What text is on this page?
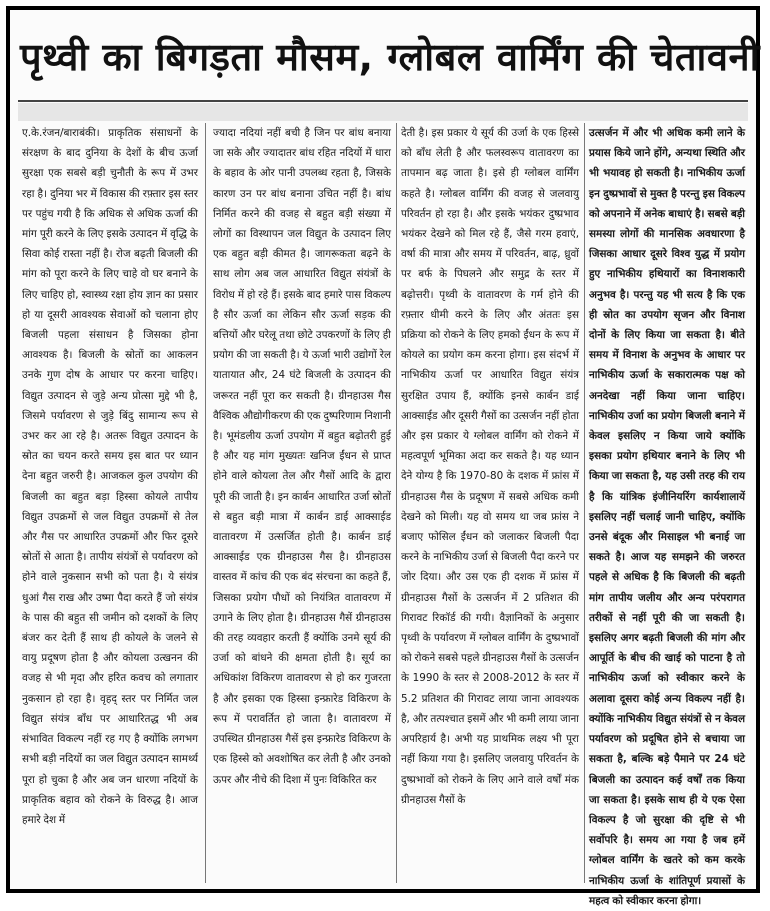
पृथ्वी का बिगड़ता मौसम, ग्लोबल वार्मिंग की चेतावनी

ए.के.रंजन/बाराबंकी। प्राकृतिक संसाधनों के संरक्षण के बाद दुनिया के देशों के बीच ऊर्जा सुरक्षा एक सबसे बड़ी चुनौती के रूप में उभर रहा है। दुनिया भर में विकास की रफ़्तार इस स्तर पर पहुंच गयी है कि अधिक से अधिक ऊर्जा की मांग पूरी करने के लिए इसके उत्पादन में वृद्धि के सिवा कोई रास्ता नहीं है। रोज बढ़ती बिजली की मांग को पूरा करने के लिए चाहे वो घर बनाने के लिए चाहिए हो, स्वास्थ्य रक्षा होय ज्ञान का प्रसार हो या दूसरी आवश्यक सेवाओं को चलाना होए बिजली पहला संसाधन है जिसका होना आवश्यक है। बिजली के स्रोतों का आकलन उनके गुण दोष के आधार पर करना चाहिए। विद्युत उत्पादन से जुड़े अन्य प्रोत्सा मुद्दे भी है, जिसमे पर्यावरण से जुड़े बिंदु सामान्य रूप से उभर कर आ रहे है। अतरू विद्युत उत्पादन के स्रोत का चयन करते समय इस बात पर ध्यान देना बहुत जरुरी है। आजकल कुल उपयोग की बिजली का बहुत बड़ा हिस्सा कोयले तापीय विद्युत उपक्रमों से जल विद्युत उपक्रमों से तेल और गैस पर आधारित उपक्रमों और फिर दूसरे स्रोतों से आता है। तापीय संयंत्रों से पर्यावरण को होने वाले नुकसान सभी को पता है। ये संयंत्र धुआं गैस राख और उष्मा पैदा करते हैं जो संयंत्र के पास की बहुत सी जमीन को दशकों के लिए बंजर कर देती हैं साथ ही कोयले के जलने से वायु प्रदूषण होता है और कोयला उत्खनन की वजह से भी मृदा और हरित कवच को लगातार नुकसान हो रहा है। वृहद् स्तर पर निर्मित जल विद्युत संयंत्र बाँध पर आधारितद्ध भी अब संभावित विकल्प नहीं रह गए है क्योंकि लगभग सभी बड़ी नदियों का जल विद्युत उत्पादन सामर्थ्य पूरा हो चुका है और अब जन धारणा नदियों के प्राकृतिक बहाव को रोकने के विरुद्ध है। आज हमारे देश में

ज्यादा नदियां नहीं बची है जिन पर बांध बनाया जा सके और ज्यादातर बांध रहित नदियों में धारा के बहाव के ओर पानी उपलब्ध रहता है, जिसके कारण उन पर बांध बनाना उचित नहीं है। बांध निर्मित करने की वजह से बहुत बड़ी संख्या में लोगों का विस्थापन जल विद्युत के उत्पादन लिए एक बहुत बड़ी कीमत है। जागरूकता बढ़ने के साथ लोग अब जल आधारित विद्युत संयंत्रों के विरोध में हो रहे हैं। इसके बाद हमारे पास विकल्प है सौर ऊर्जा का लेकिन सौर ऊर्जा सड़क की बत्तियों और घरेलू तथा छोटे उपकरणों के लिए ही प्रयोग की जा सकती है। ये ऊर्जा भारी उद्योगों रेल यातायात और, 24 घंटे बिजली के उत्पादन की जरूरत नहीं पूरा कर सकती है। ग्रीनहाउस गैस वैश्विक औद्योगीकरण की एक दुष्परिणाम निशानी है। भूमंडलीय ऊर्जा उपयोग में बहुत बढ़ोतरी हुई है और यह मांग मुख्यतः खनिज ईंधन से प्राप्त होने वाले कोयला तेल और गैसों आदि के द्वारा पूरी की जाती है। इन कार्बन आधारित उर्जा स्रोतों से बहुत बड़ी मात्रा में कार्बन डाई आक्साईड वातावरण में उत्सर्जित होती है। कार्बन डाई आक्साईड एक ग्रीनहाउस गैस है। ग्रीनहाउस वास्तव में कांच की एक बंद संरचना का कहते हैं, जिसका प्रयोग पौधों को नियंत्रित वातावरण में उगाने के लिए होता है। ग्रीनहाउस गैसें ग्रीनहाउस की तरह व्यवहार करती हैं क्योंकि उनमे सूर्य की उर्जा को बांधने की क्षमता होती है। सूर्य का अधिकांश विकिरण वातावरण से हो कर गुजरता है और इसका एक हिस्सा इन्फ्रारेड विकिरण के रूप में परावर्तित हो जाता है। वातावरण में उपस्थित ग्रीनहाउस गैसें इस इन्फ्रारेड विकिरण के एक हिस्से को अवशोषित कर लेती है और उनको ऊपर और नीचे की दिशा में पुनः विकिरित कर

देती है। इस प्रकार ये सूर्य की उर्जा के एक हिस्से को बाँध लेती है और फलस्वरूप वातावरण का तापमान बढ़ जाता है। इसे ही ग्लोबल वार्मिंग कहते है। ग्लोबल वार्मिंग की वजह से जलवायु परिवर्तन हो रहा है। और इसके भयंकर दुष्प्रभाव भयंकर देखने को मिल रहे हैं, जैसे गरम हवाएं, वर्षा की मात्रा और समय में परिवर्तन, बाढ़, ध्रुवों पर बर्फ के पिघलने और समुद्र के स्तर में बढ़ोत्तरी। पृथ्वी के वातावरण के गर्म होने की रफ़्तार धीमी करने के लिए और अंततः इस प्रक्रिया को रोकने के लिए हमको ईंधन के रूप में कोयले का प्रयोग कम करना होगा। इस संदर्भ में नाभिकीय ऊर्जा पर आधारित विद्युत संयंत्र सुरक्षित उपाय हैं, क्योंकि इनसे कार्बन डाई आक्साईड और दूसरी गैसों का उत्सर्जन नहीं होता और इस प्रकार ये ग्लोबल वार्मिंग को रोकने में महत्वपूर्ण भूमिका अदा कर सकते है। यह ध्यान देने योग्य है कि 1970-80 के दशक में फ्रांस में ग्रीनहाउस गैस के प्रदूषण में सबसे अधिक कमी देखने को मिली। यह वो समय था जब फ्रांस ने बजाए फोसिल ईंधन को जलाकर बिजली पैदा करने के नाभिकीय उर्जा से बिजली पैदा करने पर जोर दिया। और उस एक ही दशक में फ्रांस में ग्रीनहाउस गैसों के उत्सर्जन में 2 प्रतिशत की गिरावट रिकॉर्ड की गयी। वैज्ञानिकों के अनुसार पृथ्वी के पर्यावरण में ग्लोबल वार्मिंग के दुष्प्रभावों को रोकने सबसे पहले ग्रीनहाउस गैसों के उत्सर्जन के 1990 के स्तर से 2008-2012 के स्तर में 5.2 प्रतिशत की गिरावट लाया जाना आवश्यक है, और तत्पश्चात इसमें और भी कमी लाया जाना अपरिहार्य है। अभी यह प्राथमिक लक्ष्य भी पूरा नहीं किया गया है। इसलिए जलवायु परिवर्तन के दुष्प्रभावों को रोकने के लिए आने वाले वर्षों मंक ग्रीनहाउस गैसों के

उत्सर्जन में और भी अधिक कमी लाने के प्रयास किये जाने होंगे, अन्यथा स्थिति और भी भयावह हो सकती है। नाभिकीय ऊर्जा इन दुष्प्रभावों से मुक्त है परन्तु इस विकल्प को अपनाने में अनेक बाधाएं है। सबसे बड़ी समस्या लोगों की मानसिक अवधारणा है जिसका आधार दूसरे विश्व युद्ध में प्रयोग हुए नाभिकीय हथियारों का विनाशकारी अनुभव है। परन्तु यह भी सत्य है कि एक ही स्रोत का उपयोग सृजन और विनाश दोनों के लिए किया जा सकता है। बीते समय में विनाश के अनुभव के आधार पर नाभिकीय ऊर्जा के सकारात्मक पक्ष को अनदेखा नहीं किया जाना चाहिए। नाभिकीय उर्जा का प्रयोग बिजली बनाने में केवल इसलिए न किया जाये क्योंकि इसका प्रयोग हथियार बनाने के लिए भी किया जा सकता है, यह उसी तरह की राय है कि यांत्रिक इंजीनियरिंग कार्यशालायें इसलिए नहीं चलाई जानी चाहिए, क्योंकि उनसे बंदूक और मिसाइल भी बनाई जा सकते है। आज यह समझने की जरुरत पहले से अधिक है कि बिजली की बढ़ती मांग तापीय जलीय और अन्य परंपरागत तरीकों से नहीं पूरी की जा सकती है। इसलिए अगर बढ़ती बिजली की मांग और आपूर्ति के बीच की खाई को पाटना है तो नाभिकीय ऊर्जा को स्वीकार करने के अलावा दूसरा कोई अन्य विकल्प नहीं है। क्योंकि नाभिकीय विद्युत संयंत्रों से न केवल पर्यावरण को प्रदूषित होने से बचाया जा सकता है, बल्कि बड़े पैमाने पर 24 घंटे बिजली का उत्पादन कई वर्षों तक किया जा सकता है। इसके साथ ही ये एक ऐसा विकल्प है जो सुरक्षा की दृष्टि से भी सर्वोपरि है। समय आ गया है जब हमें ग्लोबल वार्मिंग के खतरे को कम करके नाभिकीय ऊर्जा के शांतिपूर्ण प्रयासों के महत्व को स्वीकार करना होगा।
